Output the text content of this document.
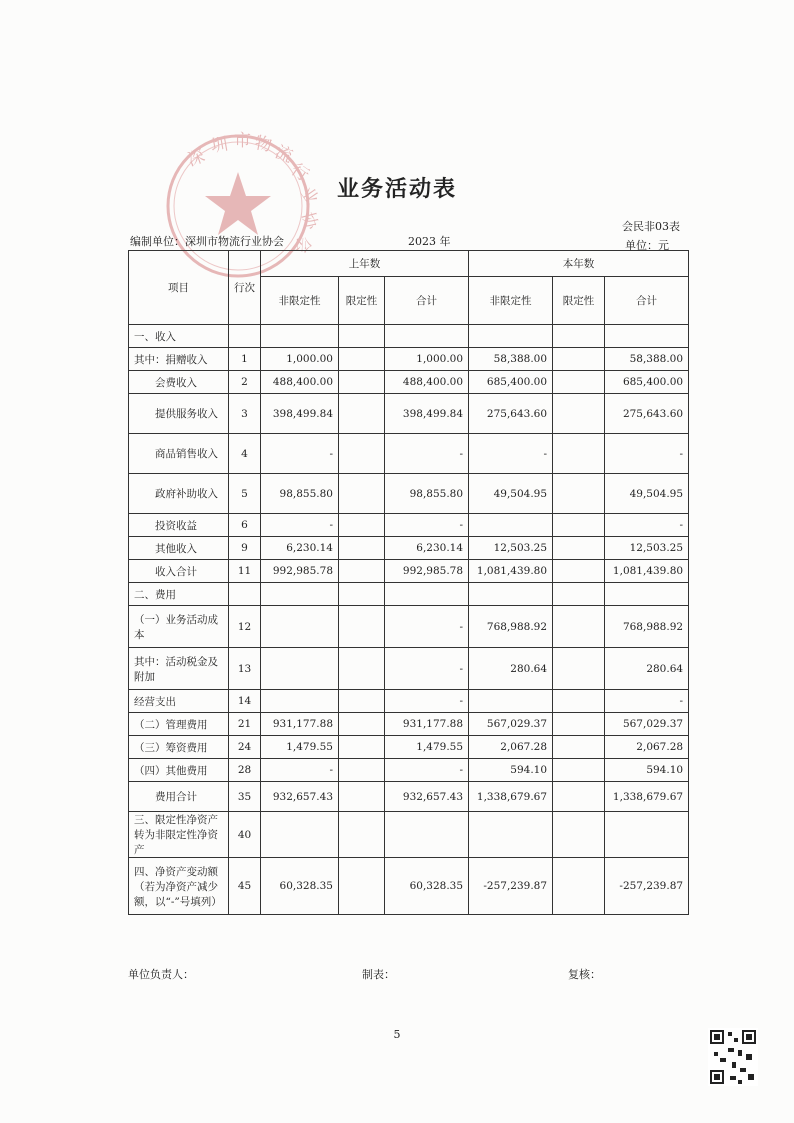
深
圳 市 物
流
行
业
协
会
业务活动表
会民非03表
编制单位：深圳市物流行业协会	2023 年	单位：元
项目	行次	上年数			本年数		
		非限定性	限定性	合计	非限定性	限定性	合计
一、收入							
其中：捐赠收入	1	1,000.00		1,000.00	58,388.00		58,388.00
会费收入	2	488,400.00		488,400.00	685,400.00		685,400.00
提供服务收入	3	398,499.84		398,499.84	275,643.60		275,643.60
商品销售收入	4	-		-	-		-
政府补助收入	5	98,855.80		98,855.80	49,504.95		49,504.95
投资收益	6	-		-			-
其他收入	9	6,230.14		6,230.14	12,503.25		12,503.25
收入合计	11	992,985.78		992,985.78	1,081,439.80		1,081,439.80
二、费用							
（一）业务活动成本	12			-	768,988.92		768,988.92
其中：活动税金及附加	13			-	280.64		280.64
经营支出	14			-			-
（二）管理费用	21	931,177.88		931,177.88	567,029.37		567,029.37
（三）筹资费用	24	1,479.55		1,479.55	2,067.28		2,067.28
（四）其他费用	28	-		-	594.10		594.10
费用合计	35	932,657.43		932,657.43	1,338,679.67		1,338,679.67
三、限定性净资产转为非限定性净资产	40						
四、净资产变动额（若为净资产减少额，以“-”号填列）	45	60,328.35		60,328.35	-257,239.87		-257,239.87
单位负责人：	制表：	复核：
5
